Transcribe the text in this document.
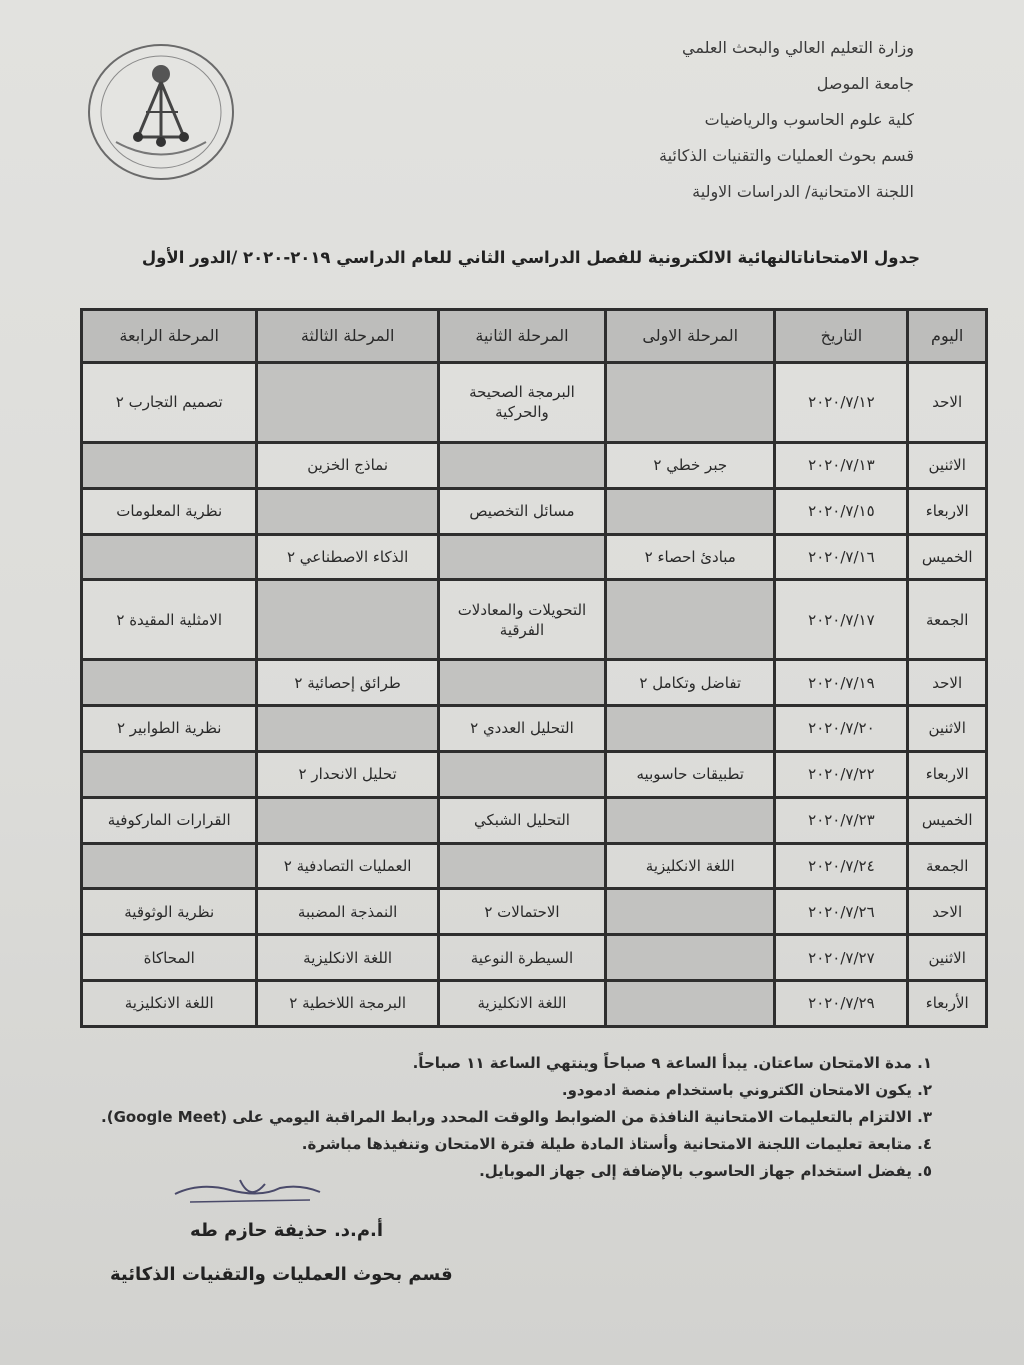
وزارة التعليم العالي والبحث العلمي
جامعة الموصل
كلية علوم الحاسوب والرياضيات
قسم بحوث العمليات والتقنيات الذكائية
اللجنة الامتحانية/ الدراسات الاولية
جدول الامتحاناتالنهائية الالكترونية للفصل الدراسي الثاني للعام الدراسي ٢٠١٩-٢٠٢٠ /الدور الأول
اليوم	التاريخ	المرحلة الاولى	المرحلة الثانية	المرحلة الثالثة	المرحلة الرابعة
الاحد	٢٠٢٠/٧/١٢		البرمجة الصحيحة والحركية		تصميم التجارب ٢
الاثنين	٢٠٢٠/٧/١٣	جبر خطي ٢		نماذج الخزين	
الاربعاء	٢٠٢٠/٧/١٥		مسائل التخصيص		نظرية المعلومات
الخميس	٢٠٢٠/٧/١٦	مبادئ احصاء ٢		الذكاء الاصطناعي ٢	
الجمعة	٢٠٢٠/٧/١٧		التحويلات والمعادلات الفرقية		الامثلية المقيدة ٢
الاحد	٢٠٢٠/٧/١٩	تفاضل وتكامل ٢		طرائق إحصائية ٢	
الاثنين	٢٠٢٠/٧/٢٠		التحليل العددي ٢		نظرية الطوابير ٢
الاربعاء	٢٠٢٠/٧/٢٢	تطبيقات حاسوبيه		تحليل الانحدار ٢	
الخميس	٢٠٢٠/٧/٢٣		التحليل الشبكي		القرارات الماركوفية
الجمعة	٢٠٢٠/٧/٢٤	اللغة الانكليزية		العمليات التصادفية ٢	
الاحد	٢٠٢٠/٧/٢٦		الاحتمالات ٢	النمذجة المضببة	نظرية الوثوقية
الاثنين	٢٠٢٠/٧/٢٧		السيطرة النوعية	اللغة الانكليزية	المحاكاة
الأربعاء	٢٠٢٠/٧/٢٩		اللغة الانكليزية	البرمجة اللاخطية ٢	اللغة الانكليزية
١. مدة الامتحان ساعتان. يبدأ الساعة ٩ صباحاً وينتهي الساعة ١١ صباحاً.
٢. يكون الامتحان الكتروني باستخدام منصة ادمودو.
٣. الالتزام بالتعليمات الامتحانية النافذة من الضوابط والوقت المحدد ورابط المراقبة اليومي على (Google Meet).
٤. متابعة تعليمات اللجنة الامتحانية وأستاذ المادة طيلة فترة الامتحان وتنفيذها مباشرة.
٥. يفضل استخدام جهاز الحاسوب بالإضافة إلى جهاز الموبايل.
أ.م.د. حذيفة حازم طه
قسم بحوث العمليات والتقنيات الذكائية
